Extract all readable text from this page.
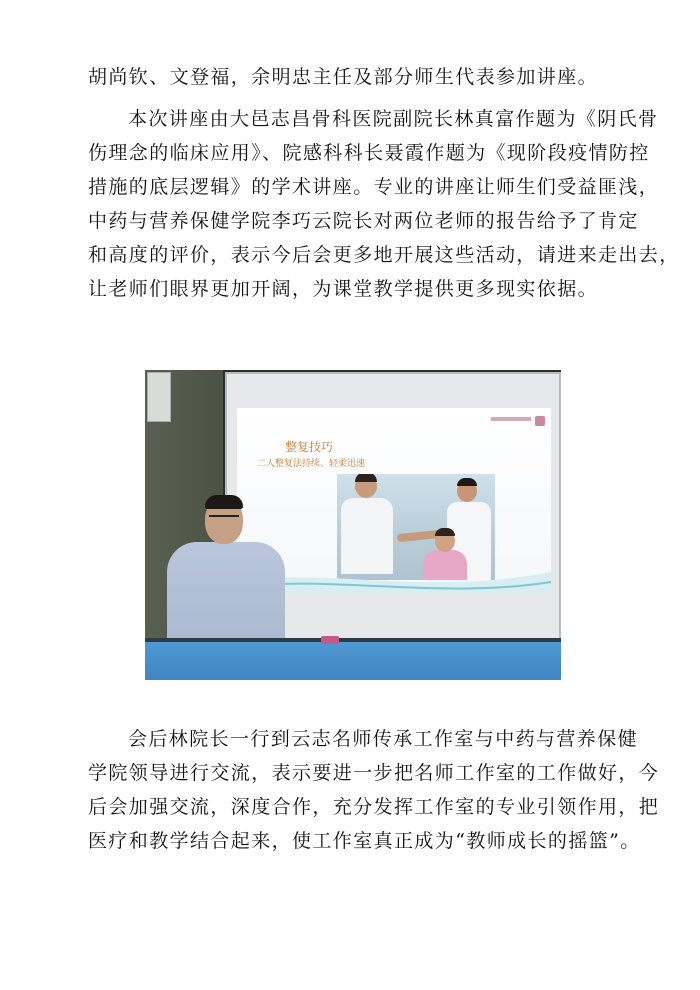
胡尚钦、文登福，余明忠主任及部分师生代表参加讲座。

本次讲座由大邑志昌骨科医院副院长林真富作题为《阴氏骨
伤理念的临床应用》、院感科科长聂霞作题为《现阶段疫情防控
措施的底层逻辑》的学术讲座。专业的讲座让师生们受益匪浅，
中药与营养保健学院李巧云院长对两位老师的报告给予了肯定
和高度的评价，表示今后会更多地开展这些活动，请进来走出去，
让老师们眼界更加开阔，为课堂教学提供更多现实依据。

整复技巧
二人整复法持续、轻柔迅速

会后林院长一行到云志名师传承工作室与中药与营养保健
学院领导进行交流，表示要进一步把名师工作室的工作做好，今
后会加强交流，深度合作，充分发挥工作室的专业引领作用，把
医疗和教学结合起来，使工作室真正成为“教师成长的摇篮”。
